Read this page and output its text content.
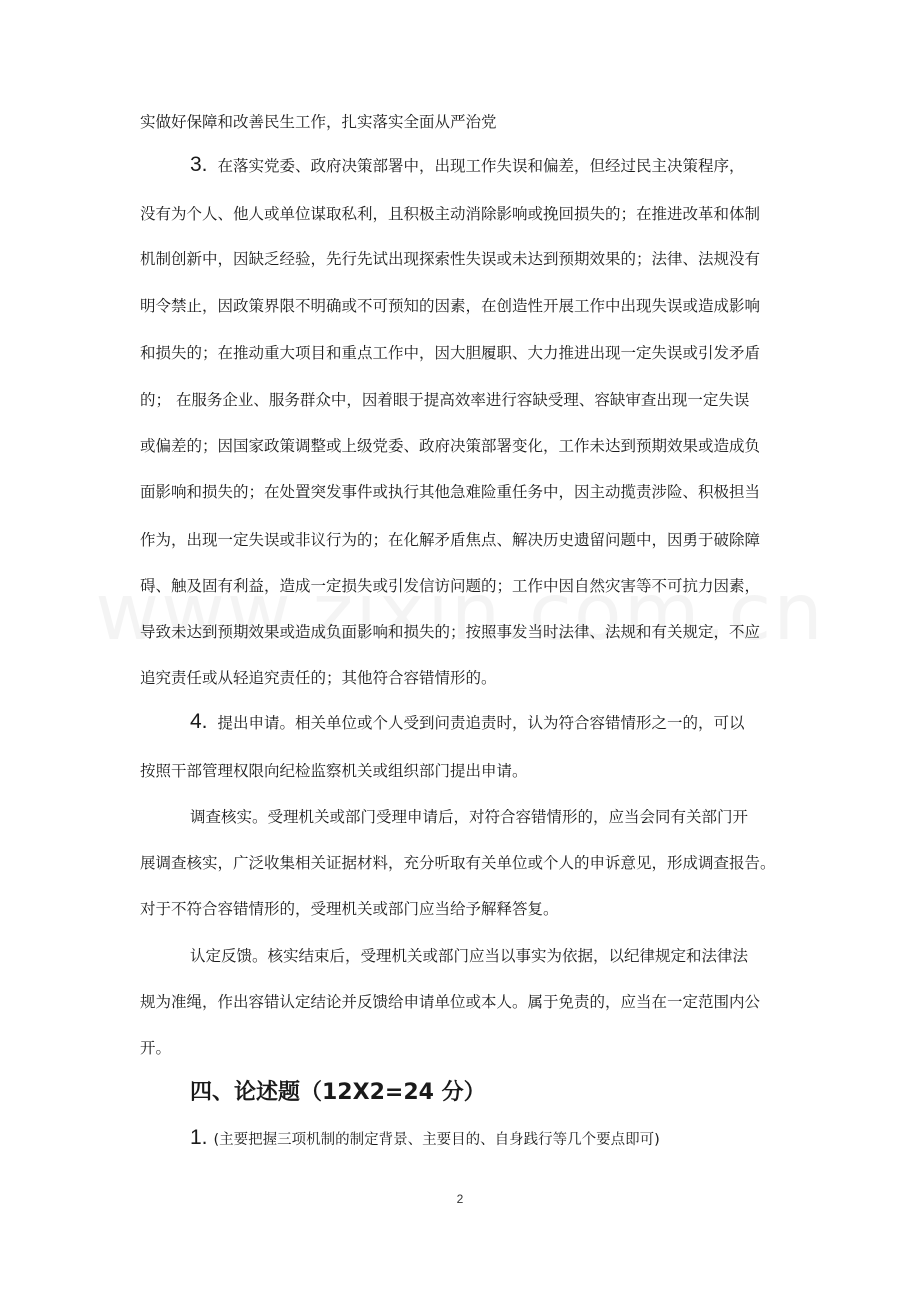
实做好保障和改善民生工作，扎实落实全面从严治党
3. 在落实党委、政府决策部署中，出现工作失误和偏差，但经过民主决策程序，
没有为个人、他人或单位谋取私利，且积极主动消除影响或挽回损失的；在推进改革和体制
机制创新中，因缺乏经验，先行先试出现探索性失误或未达到预期效果的；法律、法规没有
明令禁止，因政策界限不明确或不可预知的因素，在创造性开展工作中出现失误或造成影响
和损失的；在推动重大项目和重点工作中，因大胆履职、大力推进出现一定失误或引发矛盾
的； 在服务企业、服务群众中，因着眼于提高效率进行容缺受理、容缺审查出现一定失误
或偏差的；因国家政策调整或上级党委、政府决策部署变化，工作未达到预期效果或造成负
面影响和损失的；在处置突发事件或执行其他急难险重任务中，因主动揽责涉险、积极担当
作为，出现一定失误或非议行为的；在化解矛盾焦点、解决历史遗留问题中，因勇于破除障
碍、触及固有利益，造成一定损失或引发信访问题的；工作中因自然灾害等不可抗力因素，
导致未达到预期效果或造成负面影响和损失的；按照事发当时法律、法规和有关规定，不应
追究责任或从轻追究责任的；其他符合容错情形的。
4. 提出申请。相关单位或个人受到问责追责时，认为符合容错情形之一的，可以
按照干部管理权限向纪检监察机关或组织部门提出申请。
调查核实。受理机关或部门受理申请后，对符合容错情形的，应当会同有关部门开
展调查核实，广泛收集相关证据材料，充分听取有关单位或个人的申诉意见，形成调查报告。
对于不符合容错情形的，受理机关或部门应当给予解释答复。
认定反馈。核实结束后，受理机关或部门应当以事实为依据，以纪律规定和法律法
规为准绳，作出容错认定结论并反馈给申请单位或本人。属于免责的，应当在一定范围内公
开。
四、论述题（12X2=24 分）
1. (主要把握三项机制的制定背景、主要目的、自身践行等几个要点即可)
2
